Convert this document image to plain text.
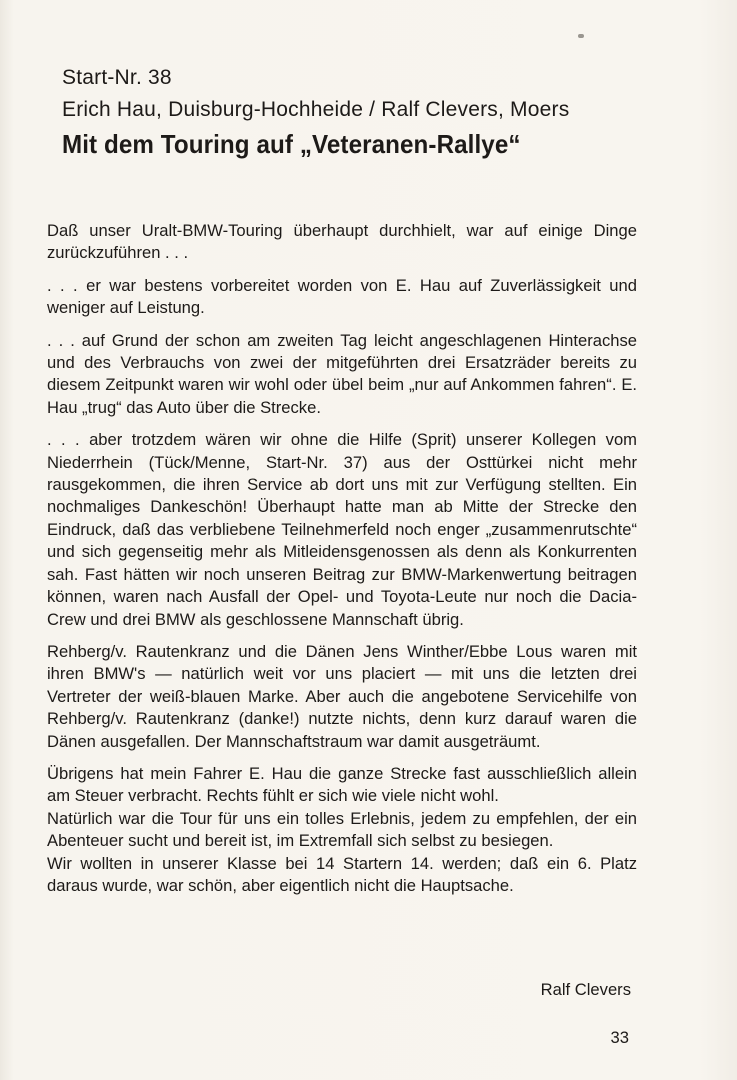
Start-Nr. 38

Erich Hau, Duisburg-Hochheide / Ralf Clevers, Moers

Mit dem Touring auf „Veteranen-Rallye“

Daß unser Uralt-BMW-Touring überhaupt durchhielt, war auf einige Dinge zurückzuführen . . .

. . . er war bestens vorbereitet worden von E. Hau auf Zuverlässigkeit und weniger auf Leistung.

. . . auf Grund der schon am zweiten Tag leicht angeschlagenen Hinterachse und des Verbrauchs von zwei der mitgeführten drei Ersatzräder bereits zu diesem Zeitpunkt waren wir wohl oder übel beim „nur auf Ankommen fahren“. E. Hau „trug“ das Auto über die Strecke.

. . . aber trotzdem wären wir ohne die Hilfe (Sprit) unserer Kollegen vom Niederrhein (Tück/Menne, Start-Nr. 37) aus der Osttürkei nicht mehr rausgekommen, die ihren Service ab dort uns mit zur Verfügung stellten. Ein nochmaliges Dankeschön! Überhaupt hatte man ab Mitte der Strecke den Eindruck, daß das verbliebene Teilnehmerfeld noch enger „zusammenrutschte“ und sich gegenseitig mehr als Mitleidensgenossen als denn als Konkurrenten sah. Fast hätten wir noch unseren Beitrag zur BMW-Markenwertung beitragen können, waren nach Ausfall der Opel- und Toyota-Leute nur noch die Dacia-Crew und drei BMW als geschlossene Mannschaft übrig.

Rehberg/v. Rautenkranz und die Dänen Jens Winther/Ebbe Lous waren mit ihren BMW's — natürlich weit vor uns placiert — mit uns die letzten drei Vertreter der weiß-blauen Marke. Aber auch die angebotene Servicehilfe von Rehberg/v. Rautenkranz (danke!) nutzte nichts, denn kurz darauf waren die Dänen ausgefallen. Der Mannschaftstraum war damit ausgeträumt.

Übrigens hat mein Fahrer E. Hau die ganze Strecke fast ausschließlich allein am Steuer verbracht. Rechts fühlt er sich wie viele nicht wohl.

Natürlich war die Tour für uns ein tolles Erlebnis, jedem zu empfehlen, der ein Abenteuer sucht und bereit ist, im Extremfall sich selbst zu besiegen.

Wir wollten in unserer Klasse bei 14 Startern 14. werden; daß ein 6. Platz daraus wurde, war schön, aber eigentlich nicht die Hauptsache.

Ralf Clevers
33
